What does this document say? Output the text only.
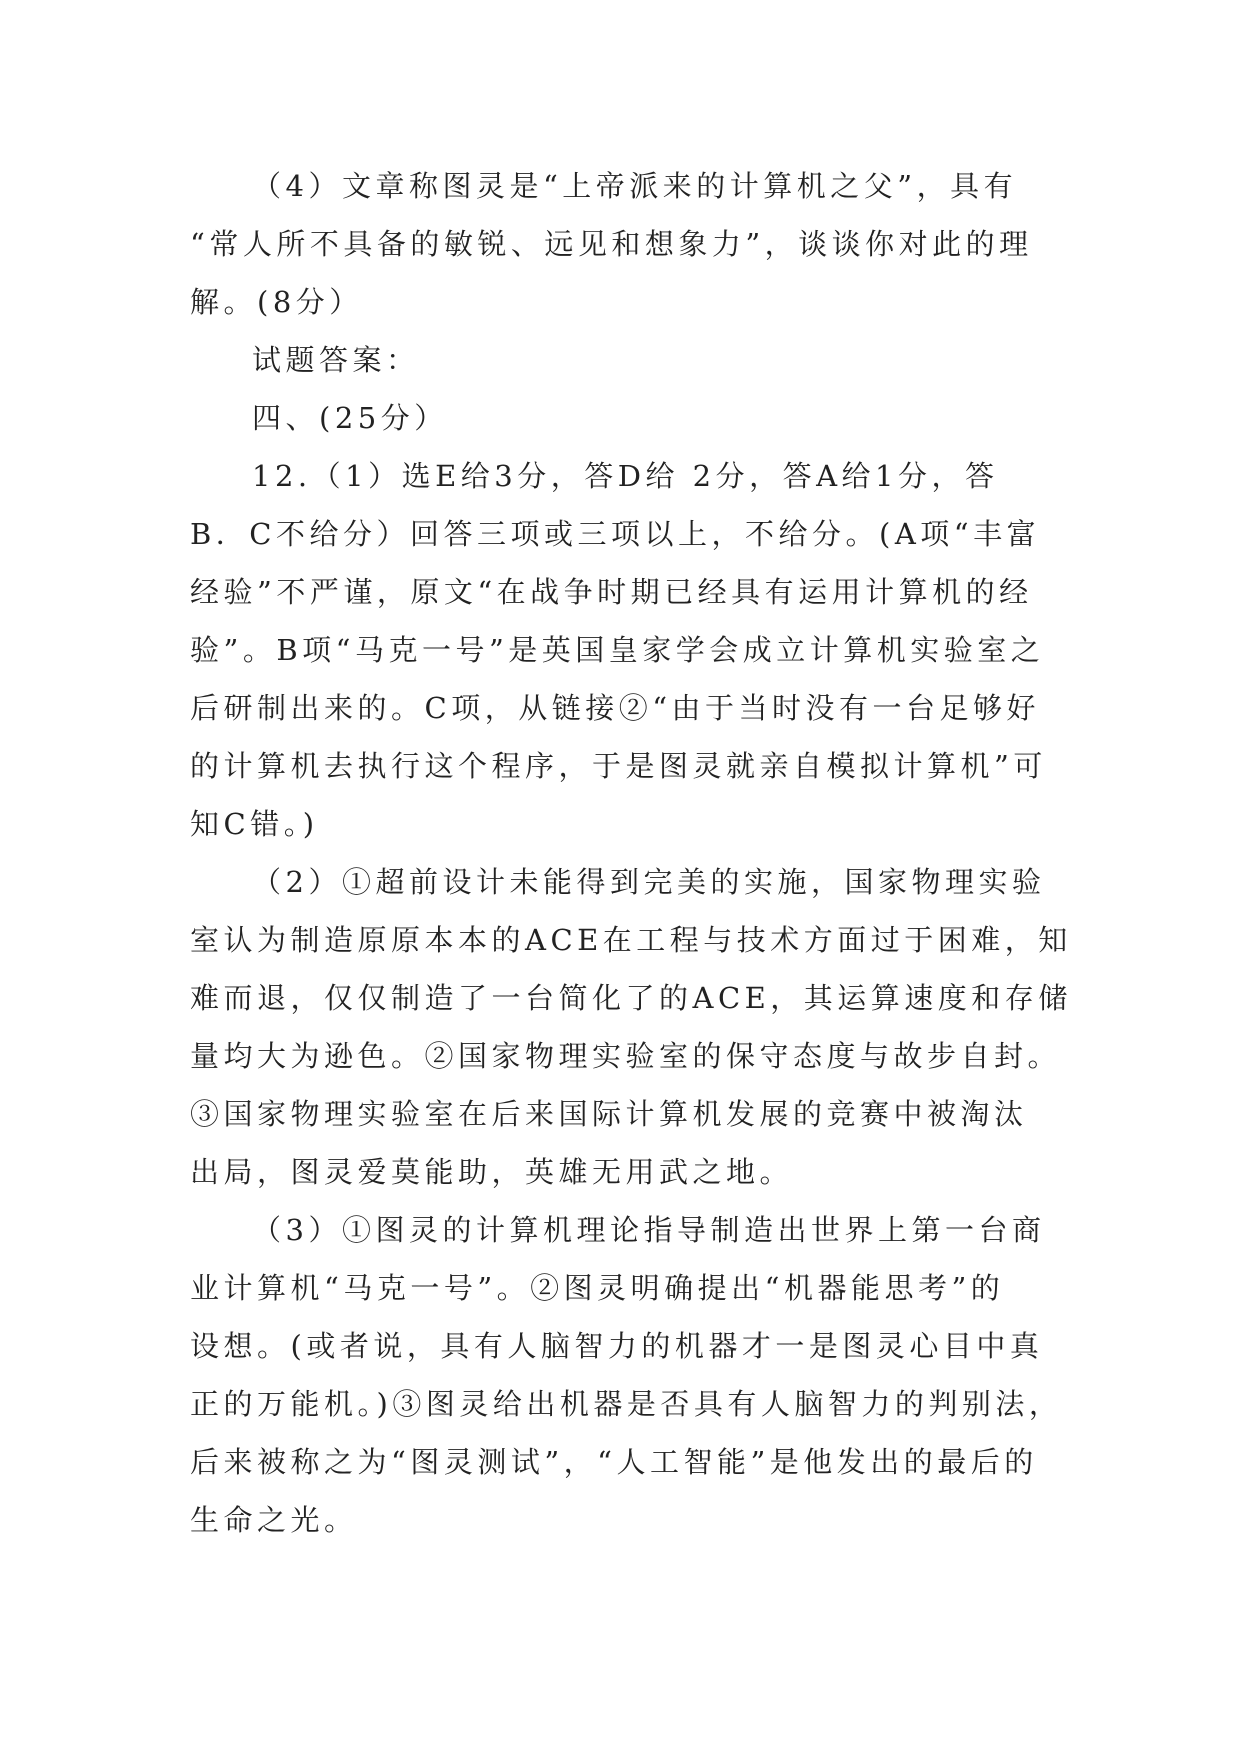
（4）文章称图灵是“上帝派来的计算机之父”，具有
“常人所不具备的敏锐、远见和想象力”，谈谈你对此的理
解。(8分）
试题答案：
四、(25分）
12.（1）选E给3分，答D给 2分，答A给1分，答
B．C不给分）回答三项或三项以上，不给分。(A项“丰富
经验”不严谨，原文“在战争时期已经具有运用计算机的经
验”。B项“马克一号”是英国皇家学会成立计算机实验室之
后研制出来的。C项，从链接②“由于当时没有一台足够好
的计算机去执行这个程序，于是图灵就亲自模拟计算机”可
知C错。)
（2）①超前设计未能得到完美的实施，国家物理实验
室认为制造原原本本的ACE在工程与技术方面过于困难，知
难而退，仅仅制造了一台简化了的ACE，其运算速度和存储
量均大为逊色。②国家物理实验室的保守态度与故步自封。
③国家物理实验室在后来国际计算机发展的竞赛中被淘汰
出局，图灵爱莫能助，英雄无用武之地。
（3）①图灵的计算机理论指导制造出世界上第一台商
业计算机“马克一号”。②图灵明确提出“机器能思考”的
设想。(或者说，具有人脑智力的机器才一是图灵心目中真
正的万能机。)③图灵给出机器是否具有人脑智力的判别法，
后来被称之为“图灵测试”，“人工智能”是他发出的最后的
生命之光。
